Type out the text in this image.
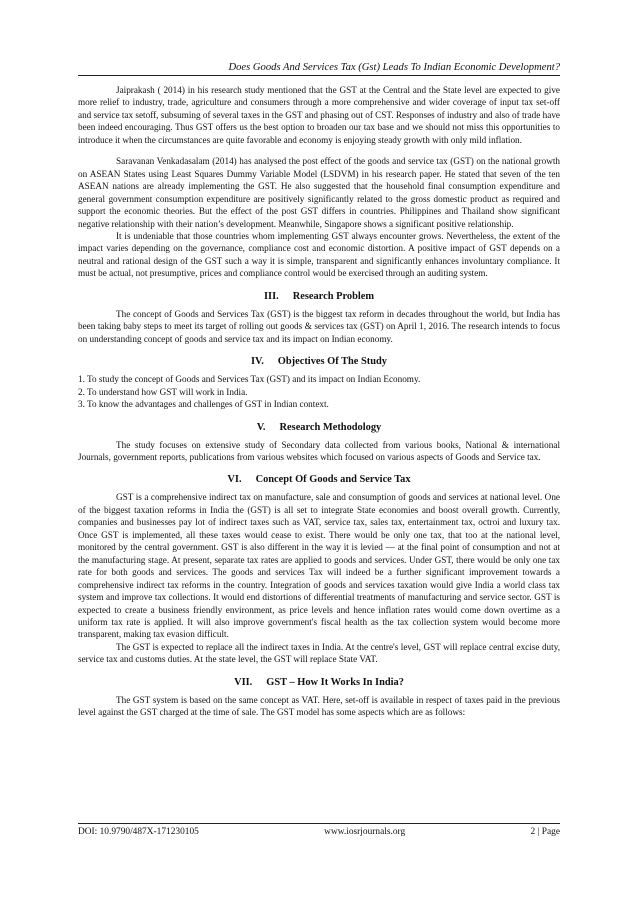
Does Goods And Services Tax (Gst) Leads To Indian Economic Development?

Jaiprakash ( 2014) in his research study mentioned that the GST at the Central and the State level are expected to give more relief to industry, trade, agriculture and consumers through a more comprehensive and wider coverage of input tax set-off and service tax setoff, subsuming of several taxes in the GST and phasing out of CST. Responses of industry and also of trade have been indeed encouraging. Thus GST offers us the best option to broaden our tax base and we should not miss this opportunities to introduce it when the circumstances are quite favorable and economy is enjoying steady growth with only mild inflation.

Saravanan Venkadasalam (2014) has analysed the post effect of the goods and service tax (GST) on the national growth on ASEAN States using Least Squares Dummy Variable Model (LSDVM) in his research paper. He stated that seven of the ten ASEAN nations are already implementing the GST. He also suggested that the household final consumption expenditure and general government consumption expenditure are positively significantly related to the gross domestic product as required and support the economic theories. But the effect of the post GST differs in countries. Philippines and Thailand show significant negative relationship with their nation’s development. Meanwhile, Singapore shows a significant positive relationship.

It is undeniable that those countries whom implementing GST always encounter grows. Nevertheless, the extent of the impact varies depending on the governance, compliance cost and economic distortion. A positive impact of GST depends on a neutral and rational design of the GST such a way it is simple, transparent and significantly enhances involuntary compliance. It must be actual, not presumptive, prices and compliance control would be exercised through an auditing system.

III. Research Problem

The concept of Goods and Services Tax (GST) is the biggest tax reform in decades throughout the world, but India has been taking baby steps to meet its target of rolling out goods & services tax (GST) on April 1, 2016. The research intends to focus on understanding concept of goods and service tax and its impact on Indian economy.

IV. Objectives Of The Study

1. To study the concept of Goods and Services Tax (GST) and its impact on Indian Economy.

2. To understand how GST will work in India.

3. To know the advantages and challenges of GST in Indian context.

V. Research Methodology

The study focuses on extensive study of Secondary data collected from various books, National & international Journals, government reports, publications from various websites which focused on various aspects of Goods and Service tax.

VI. Concept Of Goods and Service Tax

GST is a comprehensive indirect tax on manufacture, sale and consumption of goods and services at national level. One of the biggest taxation reforms in India the (GST) is all set to integrate State economies and boost overall growth. Currently, companies and businesses pay lot of indirect taxes such as VAT, service tax, sales tax, entertainment tax, octroi and luxury tax. Once GST is implemented, all these taxes would cease to exist. There would be only one tax, that too at the national level, monitored by the central government. GST is also different in the way it is levied — at the final point of consumption and not at the manufacturing stage. At present, separate tax rates are applied to goods and services. Under GST, there would be only one tax rate for both goods and services. The goods and services Tax will indeed be a further significant improvement towards a comprehensive indirect tax reforms in the country. Integration of goods and services taxation would give India a world class tax system and improve tax collections. It would end distortions of differential treatments of manufacturing and service sector. GST is expected to create a business friendly environment, as price levels and hence inflation rates would come down overtime as a uniform tax rate is applied. It will also improve government's fiscal health as the tax collection system would become more transparent, making tax evasion difficult.

The GST is expected to replace all the indirect taxes in India. At the centre's level, GST will replace central excise duty, service tax and customs duties. At the state level, the GST will replace State VAT.

VII. GST – How It Works In India?

The GST system is based on the same concept as VAT. Here, set-off is available in respect of taxes paid in the previous level against the GST charged at the time of sale. The GST model has some aspects which are as follows:

DOI: 10.9790/487X-171230105	www.iosrjournals.org	2 | Page
